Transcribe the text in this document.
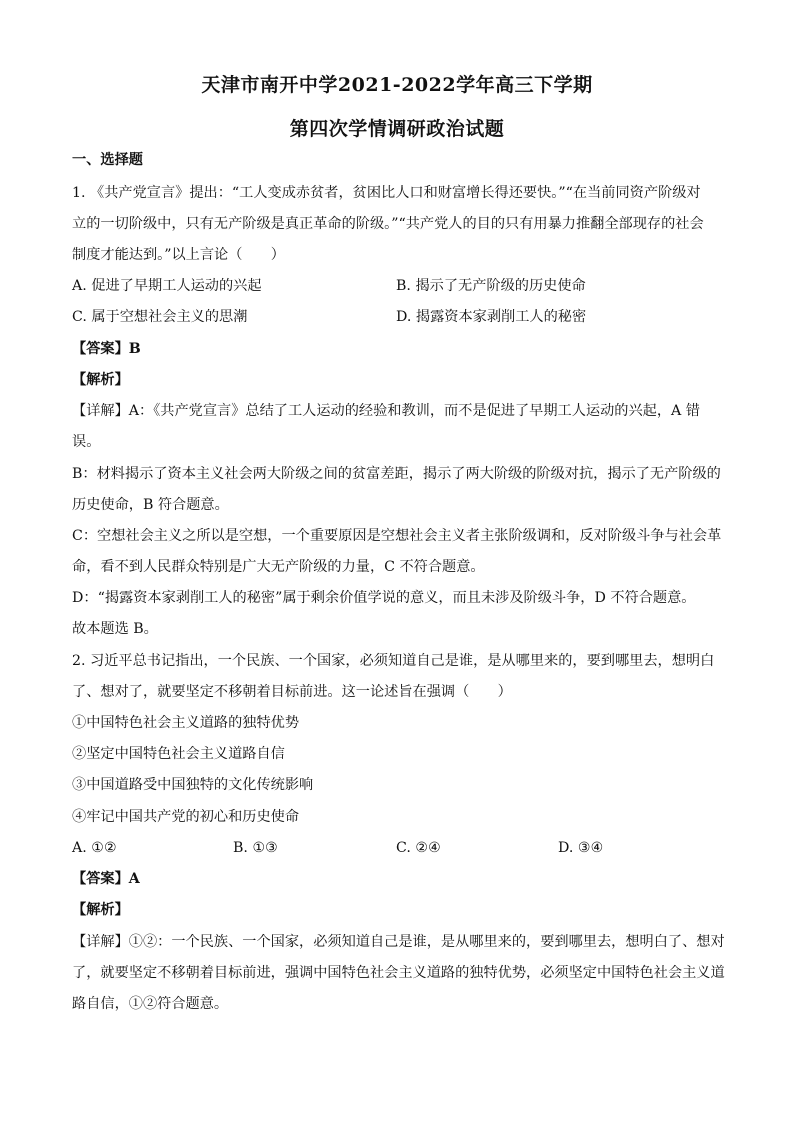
天津市南开中学2021-2022学年高三下学期
第四次学情调研政治试题
一、选择题
1. 《共产党宣言》提出：“工人变成赤贫者，贫困比人口和财富增长得还要快。”“在当前同资产阶级对
立的一切阶级中，只有无产阶级是真正革命的阶级。”“共产党人的目的只有用暴力推翻全部现存的社会
制度才能达到。”以上言论（　　）
A. 促进了早期工人运动的兴起	B. 揭示了无产阶级的历史使命
C. 属于空想社会主义的思潮	D. 揭露资本家剥削工人的秘密
【答案】B
【解析】
【详解】A：《共产党宣言》总结了工人运动的经验和教训，而不是促进了早期工人运动的兴起，A 错
误。
B：材料揭示了资本主义社会两大阶级之间的贫富差距，揭示了两大阶级的阶级对抗，揭示了无产阶级的
历史使命，B 符合题意。
C：空想社会主义之所以是空想，一个重要原因是空想社会主义者主张阶级调和，反对阶级斗争与社会革
命，看不到人民群众特别是广大无产阶级的力量，C 不符合题意。
D：“揭露资本家剥削工人的秘密”属于剩余价值学说的意义，而且未涉及阶级斗争，D 不符合题意。
故本题选 B。
2. 习近平总书记指出，一个民族、一个国家，必须知道自己是谁，是从哪里来的，要到哪里去，想明白
了、想对了，就要坚定不移朝着目标前进。这一论述旨在强调（　　）
①中国特色社会主义道路的独特优势
②坚定中国特色社会主义道路自信
③中国道路受中国独特的文化传统影响
④牢记中国共产党的初心和历史使命
A. ①②	B. ①③	C. ②④	D. ③④
【答案】A
【解析】
【详解】①②：一个民族、一个国家，必须知道自己是谁，是从哪里来的，要到哪里去，想明白了、想对
了，就要坚定不移朝着目标前进，强调中国特色社会主义道路的独特优势，必须坚定中国特色社会主义道
路自信，①②符合题意。
